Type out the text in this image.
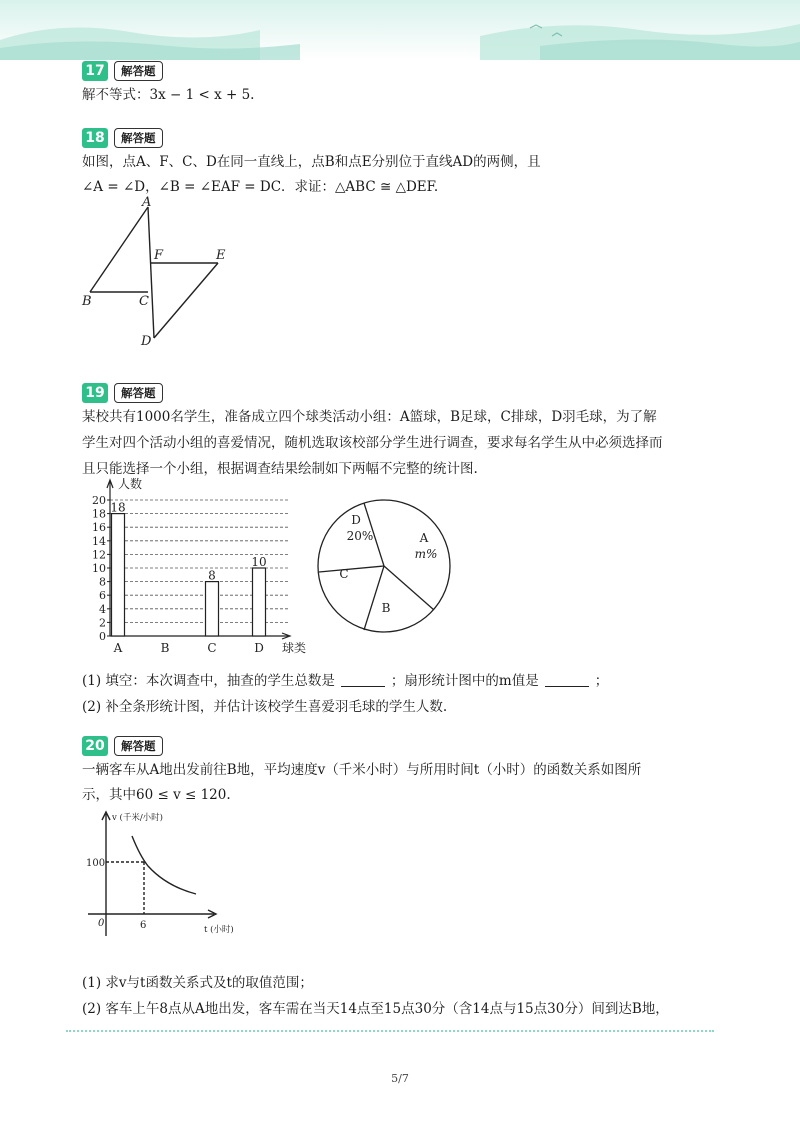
17	解答题
解不等式：3x − 1 < x + 5.
18	解答题
如图，点A、F、C、D在同一直线上，点B和点E分别位于直线AD的两侧，且
∠A = ∠D，∠B = ∠EAF = DC．求证：△ABC ≅ △DEF.
A
F	E
B	C
D
19	解答题
某校共有1000名学生，准备成立四个球类活动小组：A篮球，B足球，C排球，D羽毛球，为了解
学生对四个活动小组的喜爱情况，随机选取该校部分学生进行调查，要求每名学生从中必须选择而
且只能选择一个小组，根据调查结果绘制如下两幅不完整的统计图.
0
2
4
6
8
10
12
14
16
18
20
人数
球类
A
18
B	C
8
D
10
A
m%
B
C
D
20%
(1) 填空：本次调查中，抽查的学生总数是	；扇形统计图中的m值是	；
(2) 补全条形统计图，并估计该校学生喜爱羽毛球的学生人数.
20	解答题
一辆客车从A地出发前往B地，平均速度v（千米小时）与所用时间t（小时）的函数关系如图所
示，其中60 ≤ v ≤ 120.
v (千米/小时)
t (小时)
100
6
0
(1) 求v与t函数关系式及t的取值范围；
(2) 客车上午8点从A地出发，客车需在当天14点至15点30分（含14点与15点30分）间到达B地，
5/7
